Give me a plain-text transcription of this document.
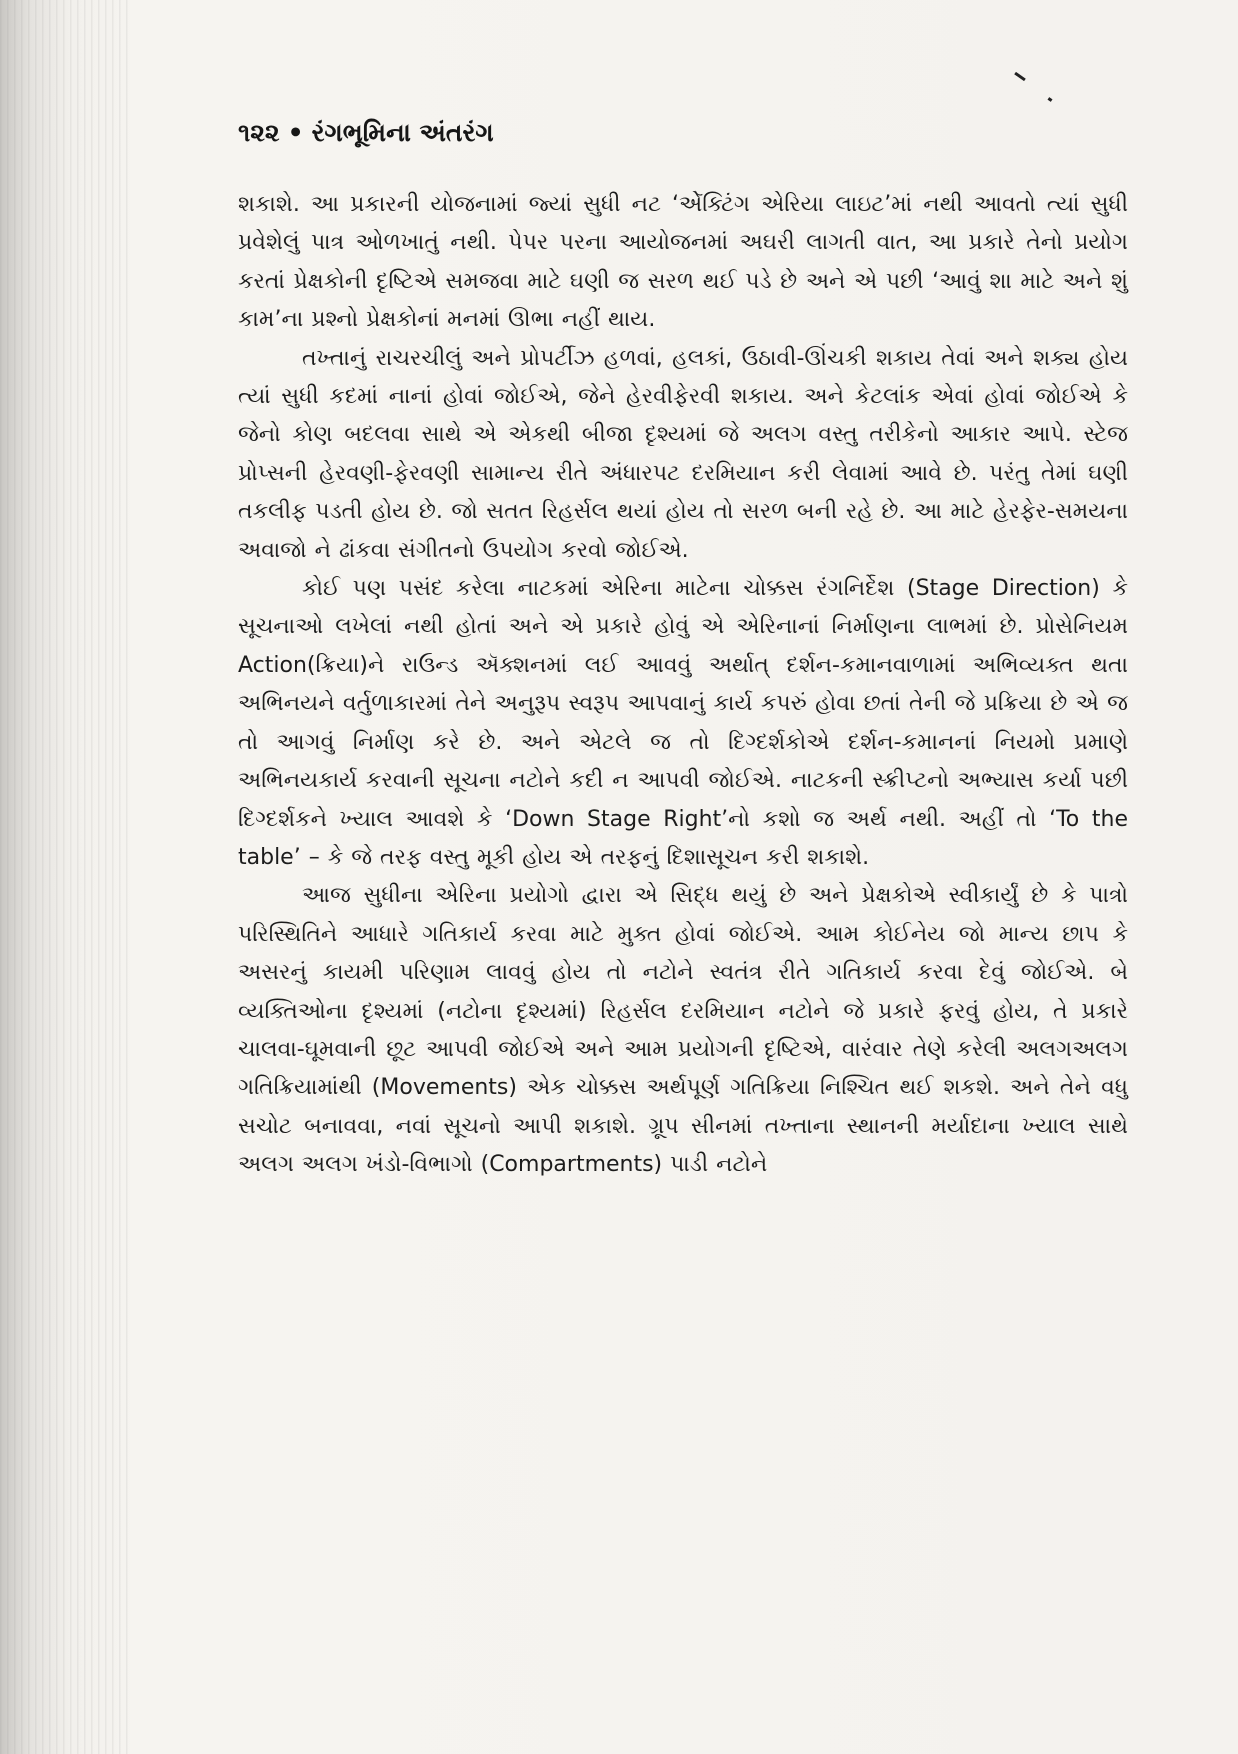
૧૨૨ • રંગભૂમિના અંતરંગ

શકાશે. આ પ્રકારની યોજનામાં જ્યાં સુધી નટ ‘એૅક્ટિંગ એરિયા લાઇટ’માં નથી આવતો ત્યાં સુધી પ્રવેશેલું પાત્ર ઓળખાતું નથી. પેપર પરના આયોજનમાં અઘરી લાગતી વાત, આ પ્રકારે તેનો પ્રયોગ કરતાં પ્રેક્ષકોની દૃષ્ટિએ સમજવા માટે ઘણી જ સરળ થઈ પડે છે અને એ પછી ‘આવું શા માટે અને શું કામ’ના પ્રશ્નો પ્રેક્ષકોનાં મનમાં ઊભા નહીં થાય.

તખ્તાનું રાચરચીલું અને પ્રોપર્ટીઝ હળવાં, હલકાં, ઉઠાવી-ઊંચકી શકાય તેવાં અને શક્ય હોય ત્યાં સુધી કદમાં નાનાં હોવાં જોઈએ, જેને હેરવીફેરવી શકાય. અને કેટલાંક એવાં હોવાં જોઈએ કે જેનો કોણ બદલવા સાથે એ એકથી બીજા દૃશ્યમાં જે અલગ વસ્તુ તરીકેનો આકાર આપે. સ્ટેજ પ્રોપ્સની હેરવણી-ફેરવણી સામાન્ય રીતે અંધારપટ દરમિયાન કરી લેવામાં આવે છે. પરંતુ તેમાં ઘણી તકલીફ પડતી હોય છે. જો સતત રિહર્સલ થયાં હોય તો સરળ બની રહે છે. આ માટે હેરફેર-સમયના અવાજો ને ઢાંકવા સંગીતનો ઉપયોગ કરવો જોઈએ.

કોઈ પણ પસંદ કરેલા નાટકમાં એરિના માટેના ચોક્કસ રંગનિર્દેશ (Stage Direction) કે સૂચનાઓ લખેલાં નથી હોતાં અને એ પ્રકારે હોવું એ એરિનાનાં નિર્માણના લાભમાં છે. પ્રોસેનિયમ Action(ક્રિયા)ને રાઉન્ડ ઍક્શનમાં લઈ આવવું અર્થાત્ દર્શન-કમાનવાળામાં અભિવ્યક્ત થતા અભિનયને વર્તુળાકારમાં તેને અનુરૂપ સ્વરૂપ આપવાનું કાર્ય કપરું હોવા છતાં તેની જે પ્રક્રિયા છે એ જ તો આગવું નિર્માણ કરે છે. અને એટલે જ તો દિગ્દર્શકોએ દર્શન-કમાનનાં નિયમો પ્રમાણે અભિનયકાર્ય કરવાની સૂચના નટોને કદી ન આપવી જોઈએ. નાટકની સ્ક્રીપ્ટનો અભ્યાસ કર્યા પછી દિગ્દર્શકને ખ્યાલ આવશે કે ‘Down Stage Right’નો કશો જ અર્થ નથી. અહીં તો ‘To the table’ – કે જે તરફ વસ્તુ મૂકી હોય એ તરફનું દિશાસૂચન કરી શકાશે.

આજ સુધીના એરિના પ્રયોગો દ્વારા એ સિદ્ધ થયું છે અને પ્રેક્ષકોએ સ્વીકાર્યું છે કે પાત્રો પરિસ્થિતિને આધારે ગતિકાર્ય કરવા માટે મુક્ત હોવાં જોઈએ. આમ કોઈનેય જો માન્ય છાપ કે અસરનું કાયમી પરિણામ લાવવું હોય તો નટોને સ્વતંત્ર રીતે ગતિકાર્ય કરવા દેવું જોઈએ. બે વ્યક્તિઓના દૃશ્યમાં (નટોના દૃશ્યમાં) રિહર્સલ દરમિયાન નટોને જે પ્રકારે ફરવું હોય, તે પ્રકારે ચાલવા-ઘૂમવાની છૂટ આપવી જોઈએ અને આમ પ્રયોગની દૃષ્ટિએ, વારંવાર તેણે કરેલી અલગઅલગ ગતિક્રિયામાંથી (Movements) એક ચોક્કસ અર્થપૂર્ણ ગતિક્રિયા નિશ્ચિત થઈ શકશે. અને તેને વધુ સચોટ બનાવવા, નવાં સૂચનો આપી શકાશે. ગ્રૂપ સીનમાં તખ્તાના સ્થાનની મર્યાદાના ખ્યાલ સાથે અલગ અલગ ખંડો-વિભાગો (Compartments) પાડી નટોને
